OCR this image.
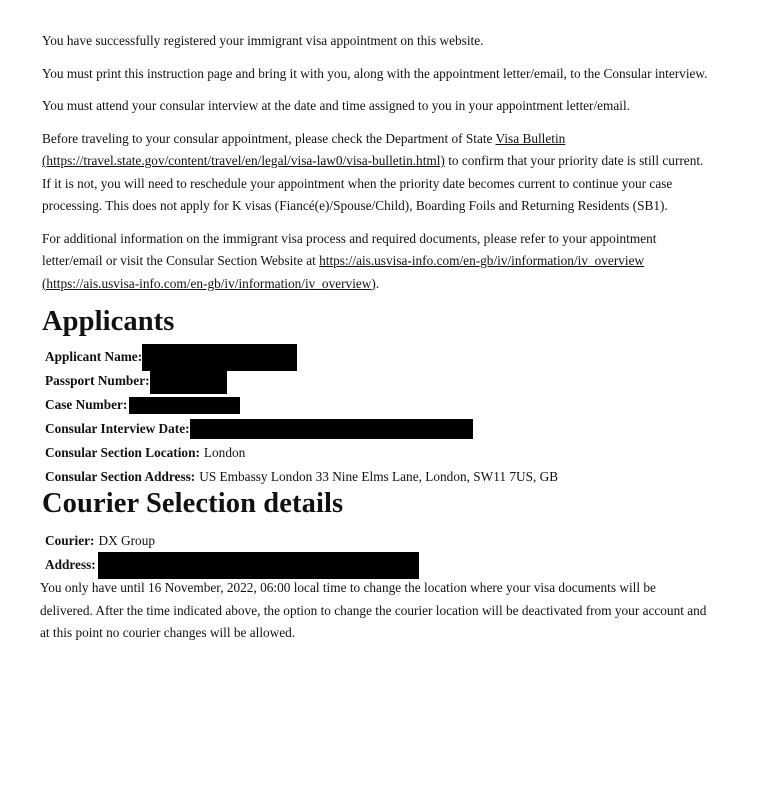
You have successfully registered your immigrant visa appointment on this website.

You must print this instruction page and bring it with you, along with the appointment letter/email, to the Consular interview.

You must attend your consular interview at the date and time assigned to you in your appointment letter/email.

Before traveling to your consular appointment, please check the Department of State Visa Bulletin (https://travel.state.gov/content/travel/en/legal/visa-law0/visa-bulletin.html) to confirm that your priority date is still current. If it is not, you will need to reschedule your appointment when the priority date becomes current to continue your case processing. This does not apply for K visas (Fiancé(e)/Spouse/Child), Boarding Foils and Returning Residents (SB1).

For additional information on the immigrant visa process and required documents, please refer to your appointment letter/email or visit the Consular Section Website at https://ais.usvisa-info.com/en-gb/iv/information/iv_overview (https://ais.usvisa-info.com/en-gb/iv/information/iv_overview).

Applicants
Applicant Name:
Passport Number:
Case Number:
Consular Interview Date:
Consular Section Location: London
Consular Section Address: US Embassy London 33 Nine Elms Lane, London, SW11 7US, GB
Courier Selection details
Courier: DX Group
Address:

You only have until 16 November, 2022, 06:00 local time to change the location where your visa documents will be delivered. After the time indicated above, the option to change the courier location will be deactivated from your account and at this point no courier changes will be allowed.
